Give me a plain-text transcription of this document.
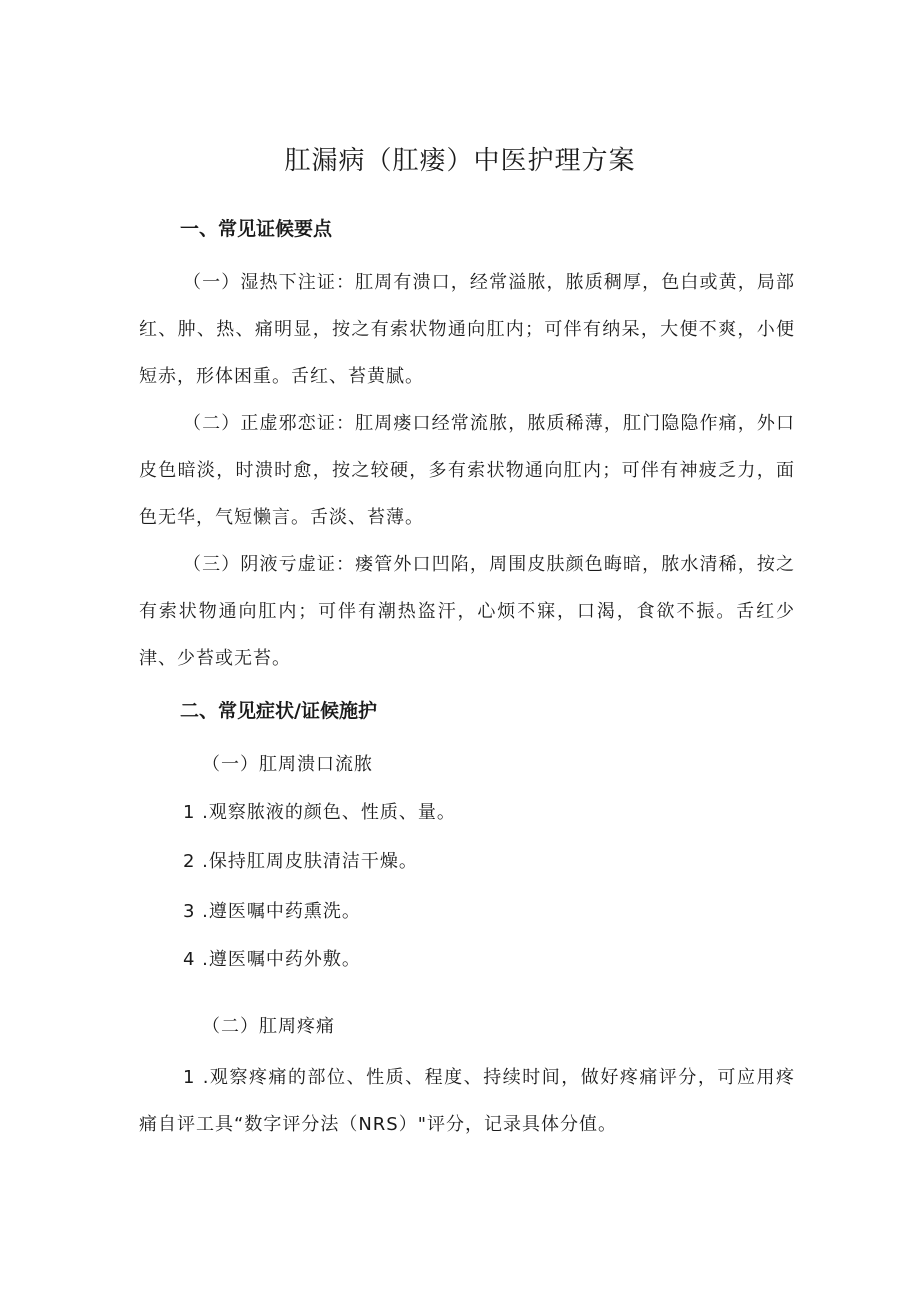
肛漏病（肛瘘）中医护理方案
一、常见证候要点
（一）湿热下注证：肛周有溃口，经常溢脓，脓质稠厚，色白或黄，局部红、肿、热、痛明显，按之有索状物通向肛内；可伴有纳呆，大便不爽，小便短赤，形体困重。舌红、苔黄腻。
（二）正虚邪恋证：肛周瘘口经常流脓，脓质稀薄，肛门隐隐作痛，外口皮色暗淡，时溃时愈，按之较硬，多有索状物通向肛内；可伴有神疲乏力，面色无华，气短懒言。舌淡、苔薄。
（三）阴液亏虚证：瘘管外口凹陷，周围皮肤颜色晦暗，脓水清稀，按之有索状物通向肛内；可伴有潮热盗汗，心烦不寐，口渴，食欲不振。舌红少津、少苔或无苔。
二、常见症状/证候施护
（一）肛周溃口流脓
1 .观察脓液的颜色、性质、量。
2 .保持肛周皮肤清洁干燥。
3 .遵医嘱中药熏洗。
4 .遵医嘱中药外敷。
（二）肛周疼痛
1 .观察疼痛的部位、性质、程度、持续时间，做好疼痛评分，可应用疼痛自评工具“数字评分法（NRS）"评分，记录具体分值。
